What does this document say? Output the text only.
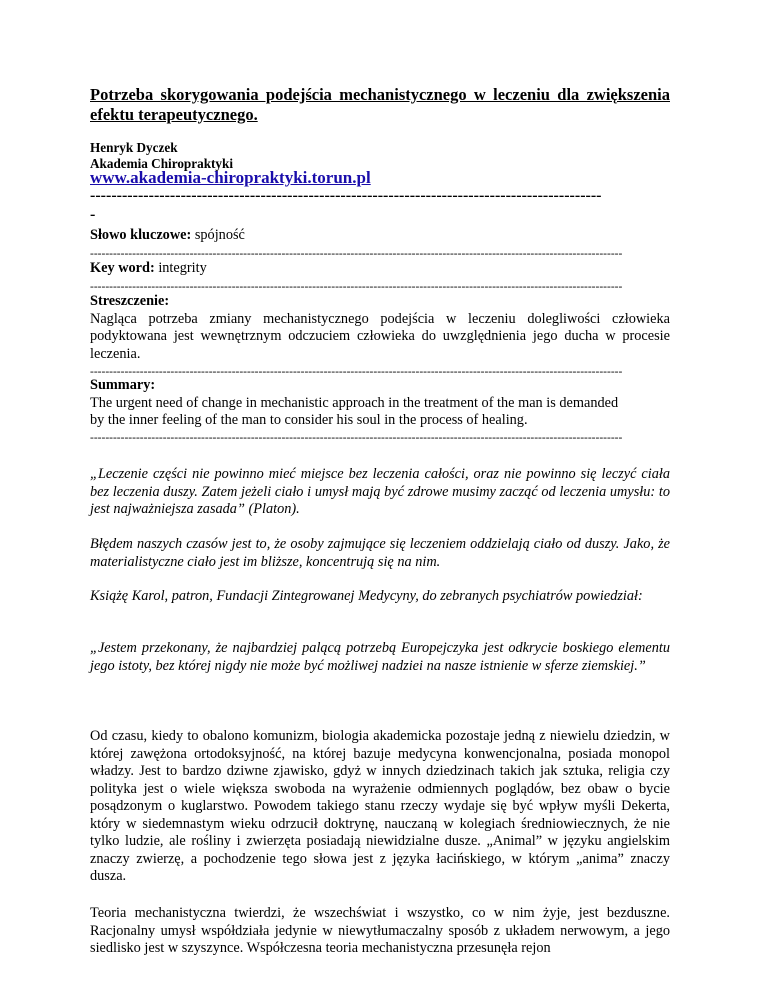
Potrzeba skorygowania podejścia mechanistycznego w leczeniu dla zwiększenia efektu terapeutycznego.
Henryk Dyczek
Akademia Chiropraktyki
www.akademia-chiropraktyki.torun.pl
------------------------------------------------------------------------------------------------
-
Słowo kluczowe: spójność
-------------------------------------------------------------------------------------------------------------------------------------------
Key word: integrity
-------------------------------------------------------------------------------------------------------------------------------------------
Streszczenie:
Nagląca potrzeba zmiany mechanistycznego podejścia w leczeniu dolegliwości człowieka podyktowana jest wewnętrznym odczuciem człowieka do uwzględnienia jego ducha w procesie leczenia.
-------------------------------------------------------------------------------------------------------------------------------------------
Summary:
The urgent need of change in mechanistic approach in the treatment of the man is demanded
by the inner feeling of the man to consider his soul in the process of healing.
-------------------------------------------------------------------------------------------------------------------------------------------
„Leczenie części nie powinno mieć miejsce bez leczenia całości, oraz nie powinno się leczyć ciała bez leczenia duszy. Zatem jeżeli ciało i umysł mają być zdrowe musimy zacząć od leczenia umysłu: to jest najważniejsza zasada” (Platon).
Błędem naszych czasów jest to, że osoby zajmujące się leczeniem oddzielają ciało od duszy. Jako, że materialistyczne ciało jest im bliższe, koncentrują się na nim.
Książę Karol, patron, Fundacji Zintegrowanej Medycyny, do zebranych psychiatrów powiedział:
„Jestem przekonany, że najbardziej palącą potrzebą Europejczyka jest odkrycie boskiego elementu jego istoty, bez której nigdy nie może być możliwej nadziei na nasze istnienie w sferze ziemskiej.”
Od czasu, kiedy to obalono komunizm, biologia akademicka pozostaje jedną z niewielu dziedzin, w której zawężona ortodoksyjność, na której bazuje medycyna konwencjonalna, posiada monopol władzy. Jest to bardzo dziwne zjawisko, gdyż w innych dziedzinach takich jak sztuka, religia czy polityka jest o wiele większa swoboda na wyrażenie odmiennych poglądów, bez obaw o bycie posądzonym o kuglarstwo. Powodem takiego stanu rzeczy wydaje się być wpływ myśli Dekerta, który w siedemnastym wieku odrzucił doktrynę, nauczaną w kolegiach średniowiecznych, że nie tylko ludzie, ale rośliny i zwierzęta posiadają niewidzialne dusze. „Animal” w języku angielskim znaczy zwierzę, a pochodzenie tego słowa jest z języka łacińskiego, w którym „anima” znaczy dusza.
Teoria mechanistyczna twierdzi, że wszechświat i wszystko, co w nim żyje, jest bezduszne. Racjonalny umysł współdziała jedynie w niewytłumaczalny sposób z układem nerwowym, a jego siedlisko jest w szyszynce. Współczesna teoria mechanistyczna przesunęła rejon
